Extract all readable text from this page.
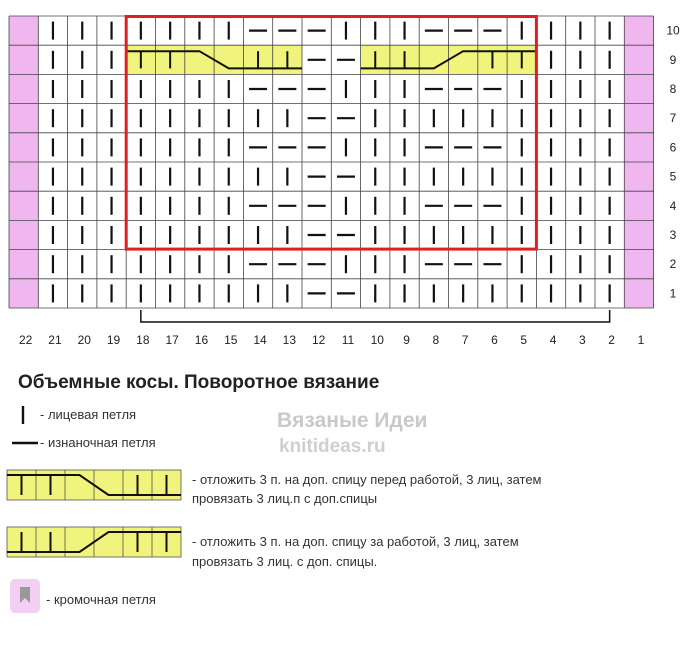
22 21 20 19 18 17 16 15 14 13 12 11 10 9 8 7 6 5 4 3 2 1
10
9
8
7
6
5
4
3
2
1
Объемные косы. Поворотное вязание
- лицевая петля
- изнаночная петля
- отложить 3 п. на доп. спицу перед работой, 3 лиц, затем
провязать 3 лиц.п с доп.спицы
- отложить 3 п. на доп. спицу за работой, 3 лиц, затем
провязать 3 лиц. с доп. спицы.
- кромочная петля
Вязаные Идеи
knitideas.ru
